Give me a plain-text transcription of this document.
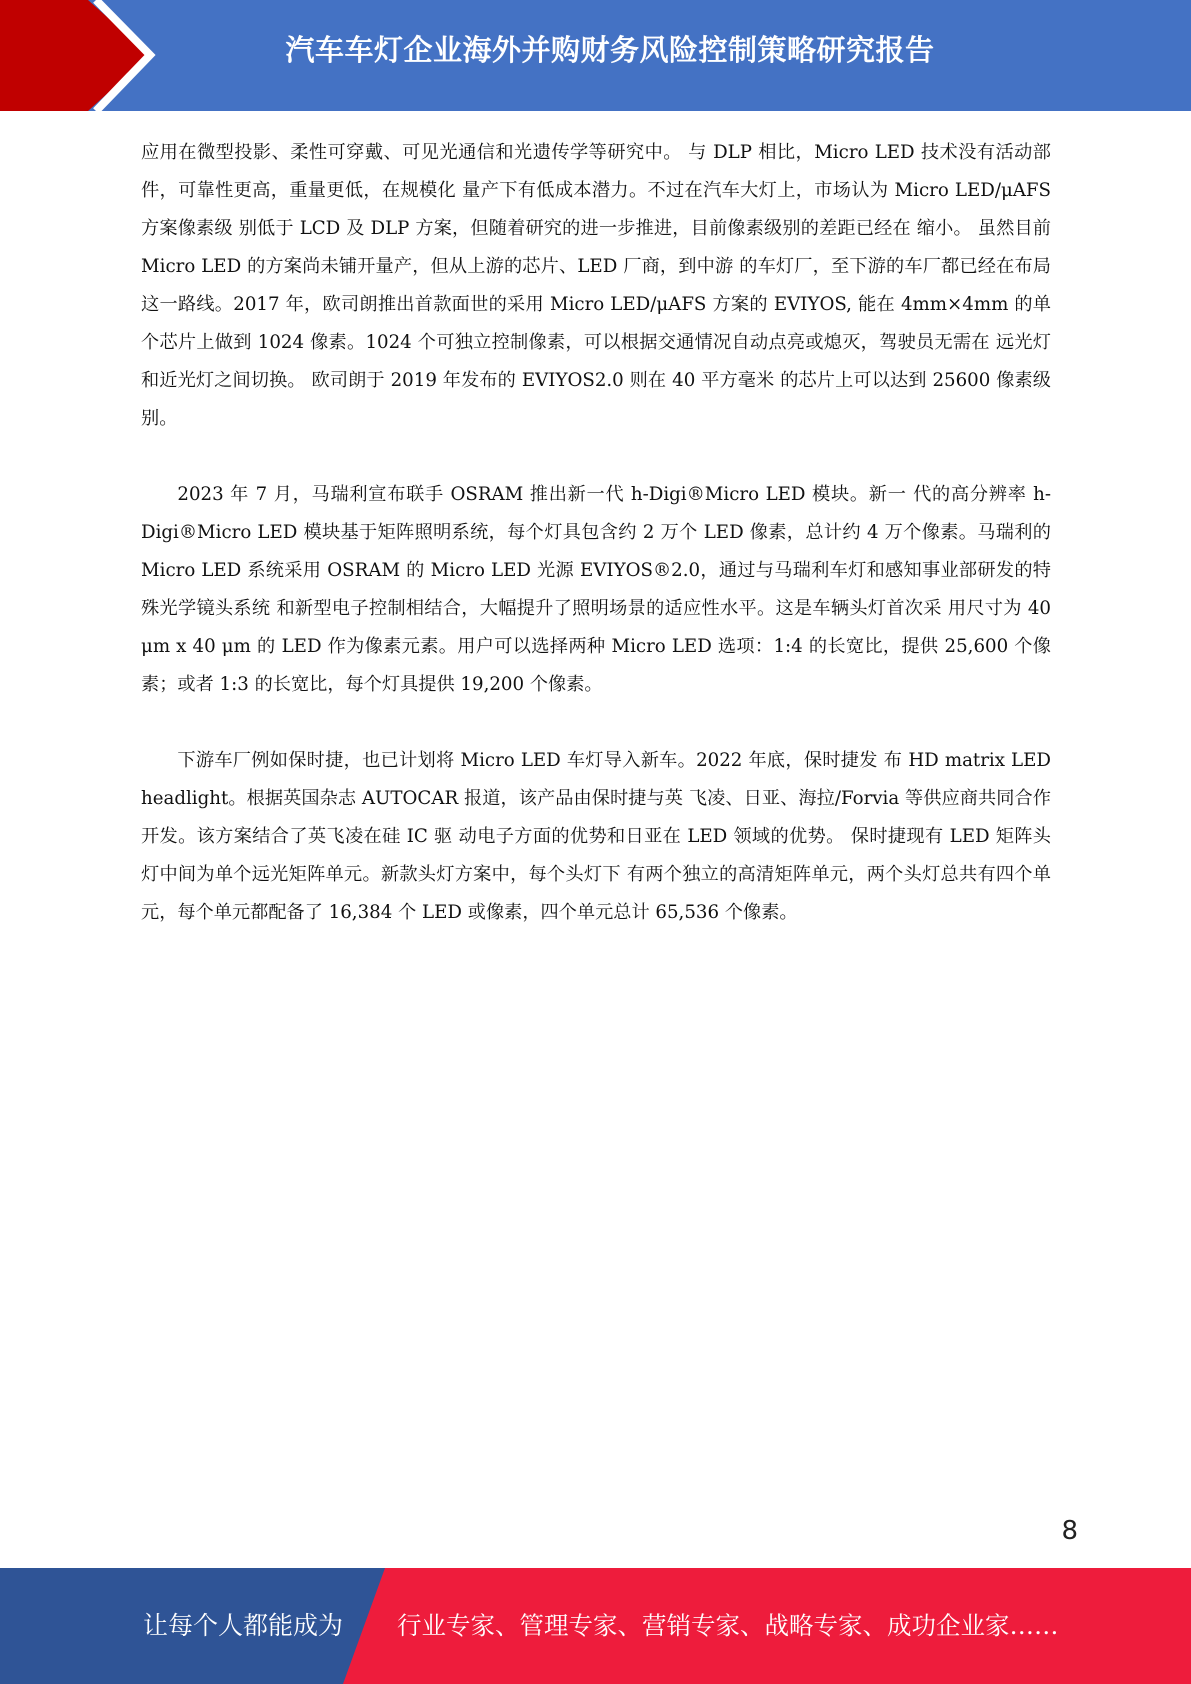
汽车车灯企业海外并购财务风险控制策略研究报告

应用在微型投影、柔性可穿戴、可见光通信和光遗传学等研究中。 与 DLP 相比，Micro LED 技术没有活动部件，可靠性更高，重量更低，在规模化 量产下有低成本潜力。不过在汽车大灯上，市场认为 Micro LED/μAFS 方案像素级 别低于 LCD 及 DLP 方案，但随着研究的进一步推进，目前像素级别的差距已经在 缩小。 虽然目前 Micro LED 的方案尚未铺开量产，但从上游的芯片、LED 厂商，到中游 的车灯厂，至下游的车厂都已经在布局这一路线。2017 年，欧司朗推出首款面世的采用 Micro LED/μAFS 方案的 EVIYOS, 能在 4mm×4mm 的单个芯片上做到 1024 像素。1024 个可独立控制像素，可以根据交通情况自动点亮或熄灭，驾驶员无需在 远光灯和近光灯之间切换。 欧司朗于 2019 年发布的 EVIYOS2.0 则在 40 平方毫米 的芯片上可以达到 25600 像素级别。

2023 年 7 月，马瑞利宣布联手 OSRAM 推出新一代 h-Digi®Micro LED 模块。新一 代的高分辨率 h-Digi®Micro LED 模块基于矩阵照明系统，每个灯具包含约 2 万个 LED 像素，总计约 4 万个像素。马瑞利的 Micro LED 系统采用 OSRAM 的 Micro LED 光源 EVIYOS®2.0，通过与马瑞利车灯和感知事业部研发的特殊光学镜头系统 和新型电子控制相结合，大幅提升了照明场景的适应性水平。这是车辆头灯首次采 用尺寸为 40 μm x 40 μm 的 LED 作为像素元素。用户可以选择两种 Micro LED 选项：1:4 的长宽比，提供 25,600 个像素；或者 1:3 的长宽比，每个灯具提供 19,200 个像素。

下游车厂例如保时捷，也已计划将 Micro LED 车灯导入新车。2022 年底，保时捷发 布 HD matrix LED headlight。根据英国杂志 AUTOCAR 报道，该产品由保时捷与英 飞凌、日亚、海拉/Forvia 等供应商共同合作开发。该方案结合了英飞凌在硅 IC 驱 动电子方面的优势和日亚在 LED 领域的优势。 保时捷现有 LED 矩阵头灯中间为单个远光矩阵单元。新款头灯方案中，每个头灯下 有两个独立的高清矩阵单元，两个头灯总共有四个单元，每个单元都配备了 16,384 个 LED 或像素，四个单元总计 65,536 个像素。

8
让每个人都能成为 行业专家、管理专家、营销专家、战略专家、成功企业家……
